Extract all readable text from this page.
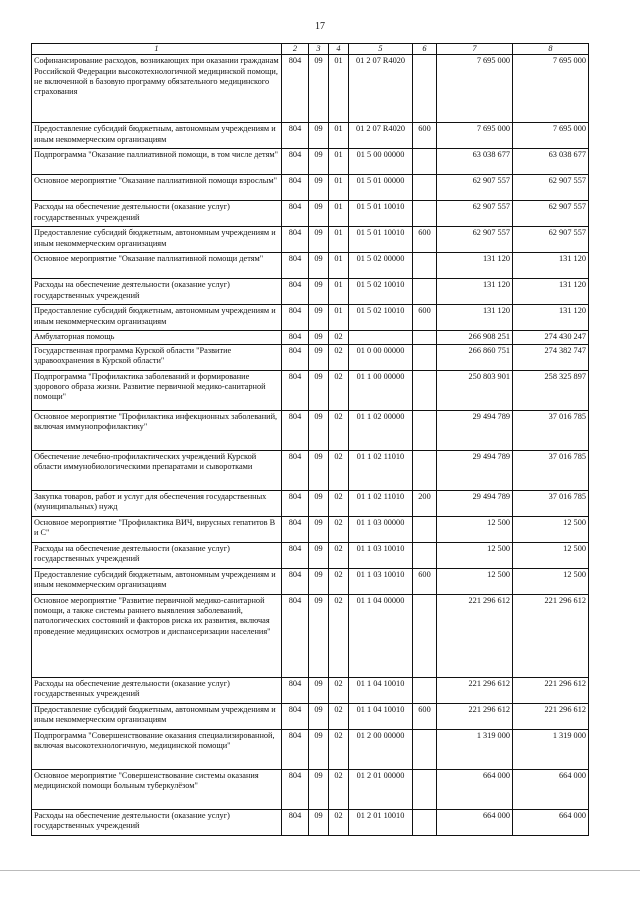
17
1	2	3	4	5	6	7	8
Софинансирование расходов, возникающих при оказании гражданам Российской Федерации высокотехнологичной медицинской помощи, не включенной в базовую программу обязательного медицинского страхования	804	09	01	01 2 07 R4020		7 695 000	7 695 000
Предоставление субсидий бюджетным, автономным учреждениям и иным некоммерческим организациям	804	09	01	01 2 07 R4020	600	7 695 000	7 695 000
Подпрограмма "Оказание паллиативной помощи, в том числе детям"	804	09	01	01 5 00 00000		63 038 677	63 038 677
Основное мероприятие "Оказание паллиативной помощи взрослым"	804	09	01	01 5 01 00000		62 907 557	62 907 557
Расходы на обеспечение деятельности (оказание услуг) государственных учреждений	804	09	01	01 5 01 10010		62 907 557	62 907 557
Предоставление субсидий бюджетным, автономным учреждениям и иным некоммерческим организациям	804	09	01	01 5 01 10010	600	62 907 557	62 907 557
Основное мероприятие "Оказание паллиативной помощи детям"	804	09	01	01 5 02 00000		131 120	131 120
Расходы на обеспечение деятельности (оказание услуг) государственных учреждений	804	09	01	01 5 02 10010		131 120	131 120
Предоставление субсидий бюджетным, автономным учреждениям и иным некоммерческим организациям	804	09	01	01 5 02 10010	600	131 120	131 120
Амбулаторная помощь	804	09	02			266 908 251	274 430 247
Государственная программа Курской области "Развитие здравоохранения в Курской области"	804	09	02	01 0 00 00000		266 860 751	274 382 747
Подпрограмма "Профилактика заболеваний и формирование здорового образа жизни. Развитие первичной медико-санитарной помощи"	804	09	02	01 1 00 00000		250 803 901	258 325 897
Основное мероприятие "Профилактика инфекционных заболеваний, включая иммунопрофилактику"	804	09	02	01 1 02 00000		29 494 789	37 016 785
Обеспечение лечебно-профилактических учреждений Курской области иммунобиологическими препаратами и сыворотками	804	09	02	01 1 02 11010		29 494 789	37 016 785
Закупка товаров, работ и услуг для обеспечения государственных (муниципальных) нужд	804	09	02	01 1 02 11010	200	29 494 789	37 016 785
Основное мероприятие "Профилактика ВИЧ, вирусных гепатитов В и С"	804	09	02	01 1 03 00000		12 500	12 500
Расходы на обеспечение деятельности (оказание услуг) государственных учреждений	804	09	02	01 1 03 10010		12 500	12 500
Предоставление субсидий бюджетным, автономным учреждениям и иным некоммерческим организациям	804	09	02	01 1 03 10010	600	12 500	12 500
Основное мероприятие "Развитие первичной медико-санитарной помощи, а также системы раннего выявления заболеваний, патологических состояний и факторов риска их развития, включая проведение медицинских осмотров и диспансеризации населения"	804	09	02	01 1 04 00000		221 296 612	221 296 612
Расходы на обеспечение деятельности (оказание услуг) государственных учреждений	804	09	02	01 1 04 10010		221 296 612	221 296 612
Предоставление субсидий бюджетным, автономным учреждениям и иным некоммерческим организациям	804	09	02	01 1 04 10010	600	221 296 612	221 296 612
Подпрограмма "Совершенствование оказания специализированной, включая высокотехнологичную, медицинской помощи"	804	09	02	01 2 00 00000		1 319 000	1 319 000
Основное мероприятие "Совершенствование системы оказания медицинской помощи больным туберкулёзом"	804	09	02	01 2 01 00000		664 000	664 000
Расходы на обеспечение деятельности (оказание услуг) государственных учреждений	804	09	02	01 2 01 10010		664 000	664 000
